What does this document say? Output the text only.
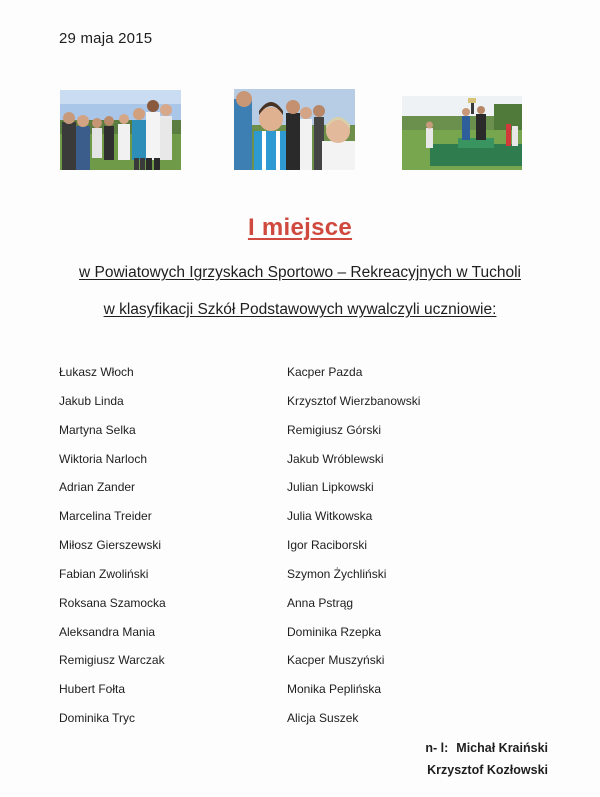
29 maja 2015
I miejsce
w Powiatowych Igrzyskach Sportowo – Rekreacyjnych w Tucholi
w klasyfikacji Szkół Podstawowych wywalczyli uczniowie:
Łukasz Włoch
Jakub Linda
Martyna Selka
Wiktoria Narloch
Adrian Zander
Marcelina Treider
Miłosz Gierszewski
Fabian Zwoliński
Roksana Szamocka
Aleksandra Mania
Remigiusz Warczak
Hubert Fołta
Dominika Tryc
Kacper Pazda
Krzysztof Wierzbanowski
Remigiusz Górski
Jakub Wróblewski
Julian Lipkowski
Julia Witkowska
Igor Raciborski
Szymon Żychliński
Anna Pstrąg
Dominika Rzepka
Kacper Muszyński
Monika Peplińska
Alicja Suszek
n- l: Michał Kraiński
Krzysztof Kozłowski
